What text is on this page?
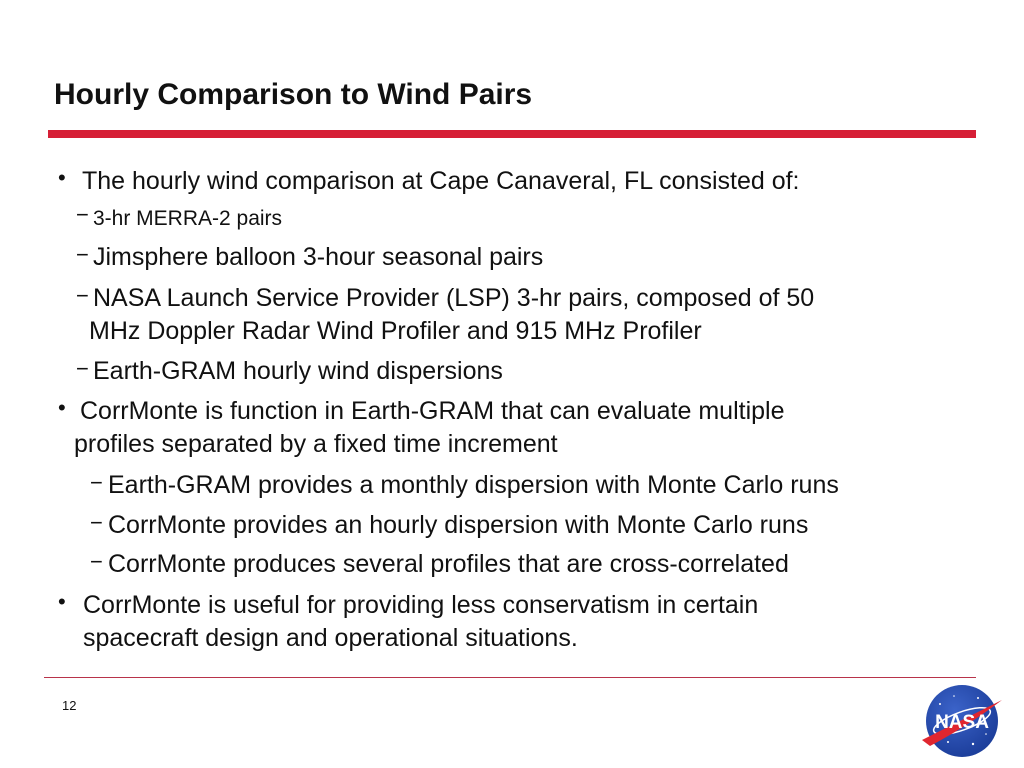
Hourly Comparison to Wind Pairs
• The hourly wind comparison at Cape Canaveral, FL consisted of:
− 3-hr MERRA-2 pairs
− Jimsphere balloon 3-hour seasonal pairs
− NASA Launch Service Provider (LSP) 3-hr pairs, composed of 50
MHz Doppler Radar Wind Profiler and 915 MHz Profiler
− Earth-GRAM hourly wind dispersions
• CorrMonte is function in Earth-GRAM that can evaluate multiple
profiles separated by a fixed time increment
− Earth-GRAM provides a monthly dispersion with Monte Carlo runs
− CorrMonte provides an hourly dispersion with Monte Carlo runs
− CorrMonte produces several profiles that are cross-correlated
• CorrMonte is useful for providing less conservatism in certain
spacecraft design and operational situations.
12
NASA
